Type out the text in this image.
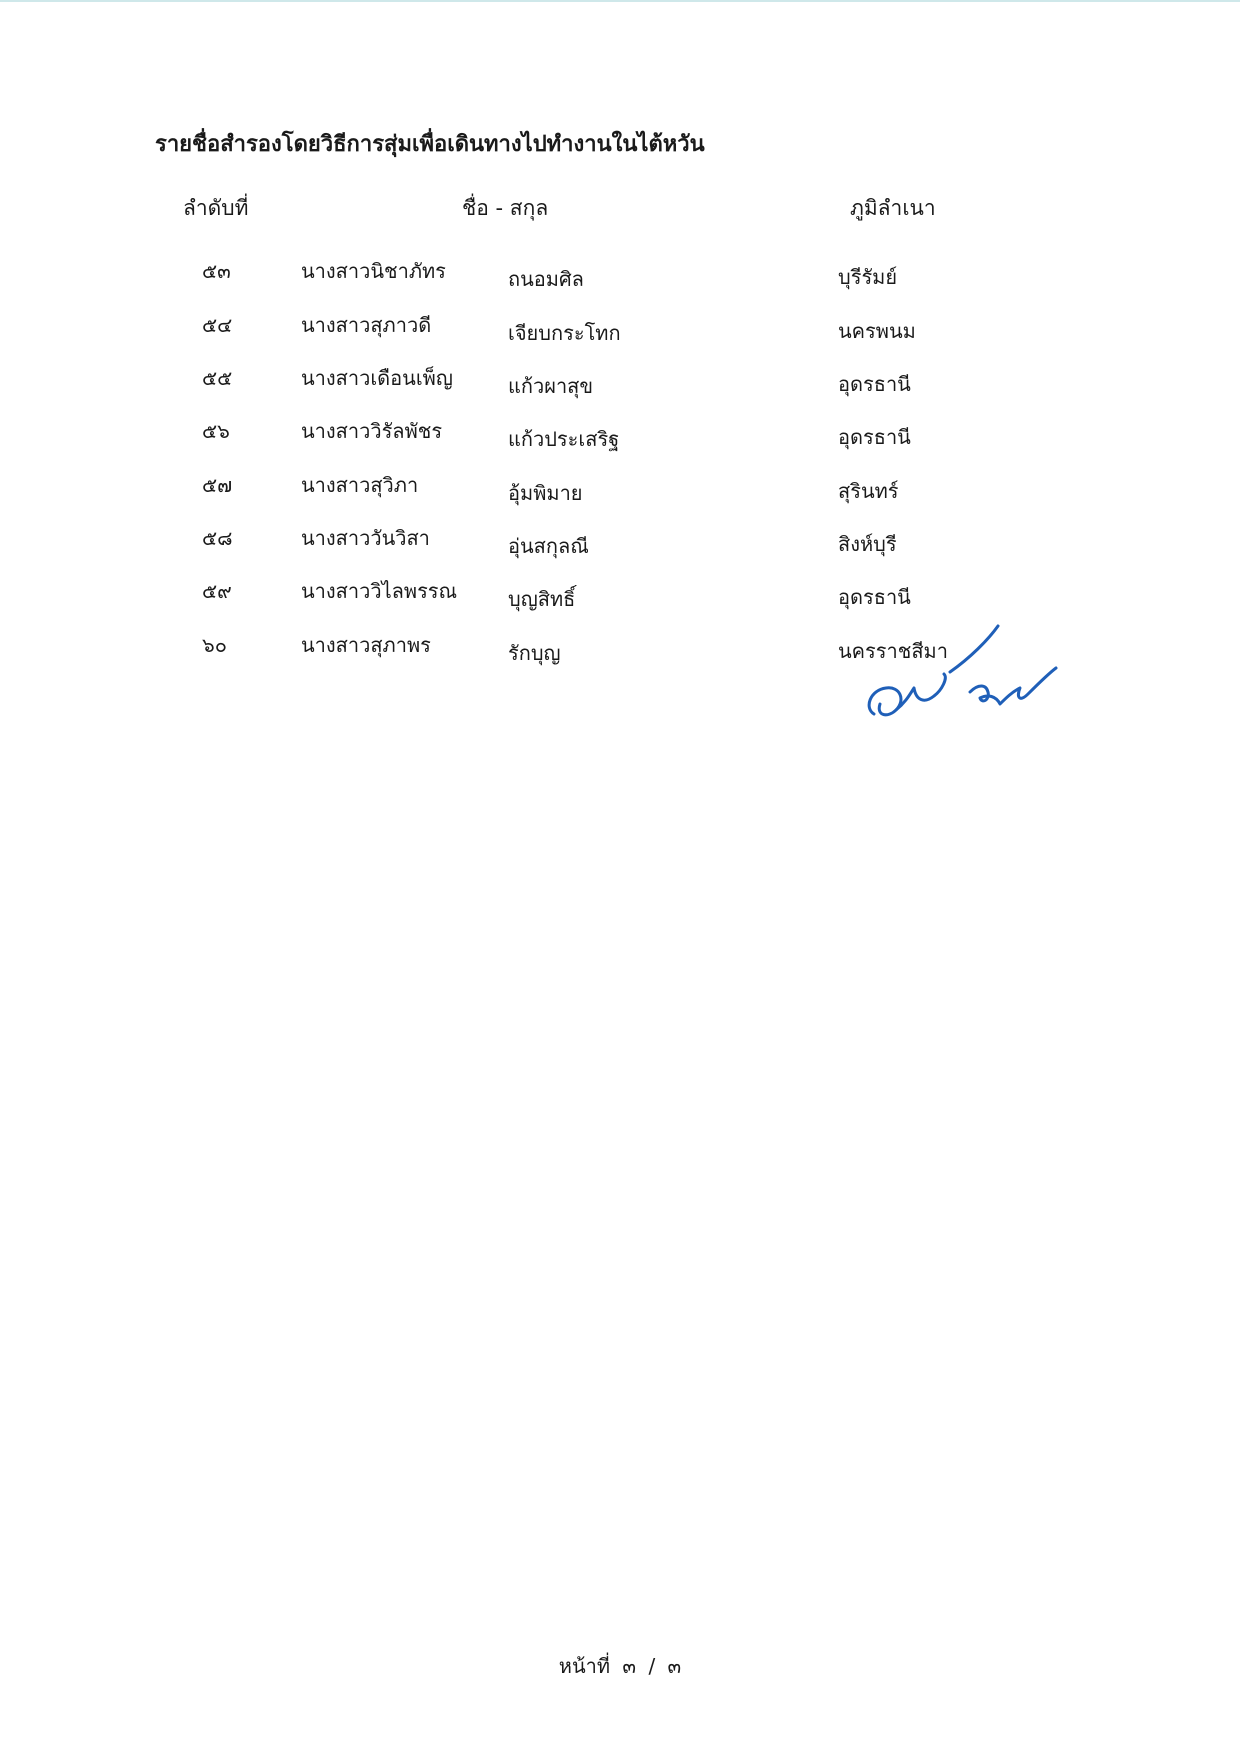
รายชื่อสำรองโดยวิธีการสุ่มเพื่อเดินทางไปทำงานในไต้หวัน
ลำดับที่	ชื่อ - สกุล	ภูมิลำเนา
๕๓	นางสาวนิชาภัทร	ถนอมศิล	บุรีรัมย์
๕๔	นางสาวสุภาวดี	เจียบกระโทก	นครพนม
๕๕	นางสาวเดือนเพ็ญ	แก้วผาสุข	อุดรธานี
๕๖	นางสาววิรัลพัชร	แก้วประเสริฐ	อุดรธานี
๕๗	นางสาวสุวิภา	อุ้มพิมาย	สุรินทร์
๕๘	นางสาววันวิสา	อุ่นสกุลณี	สิงห์บุรี
๕๙	นางสาววิไลพรรณ	บุญสิทธิ์	อุดรธานี
๖๐	นางสาวสุภาพร	รักบุญ	นครราชสีมา
หน้าที่ ๓ / ๓
